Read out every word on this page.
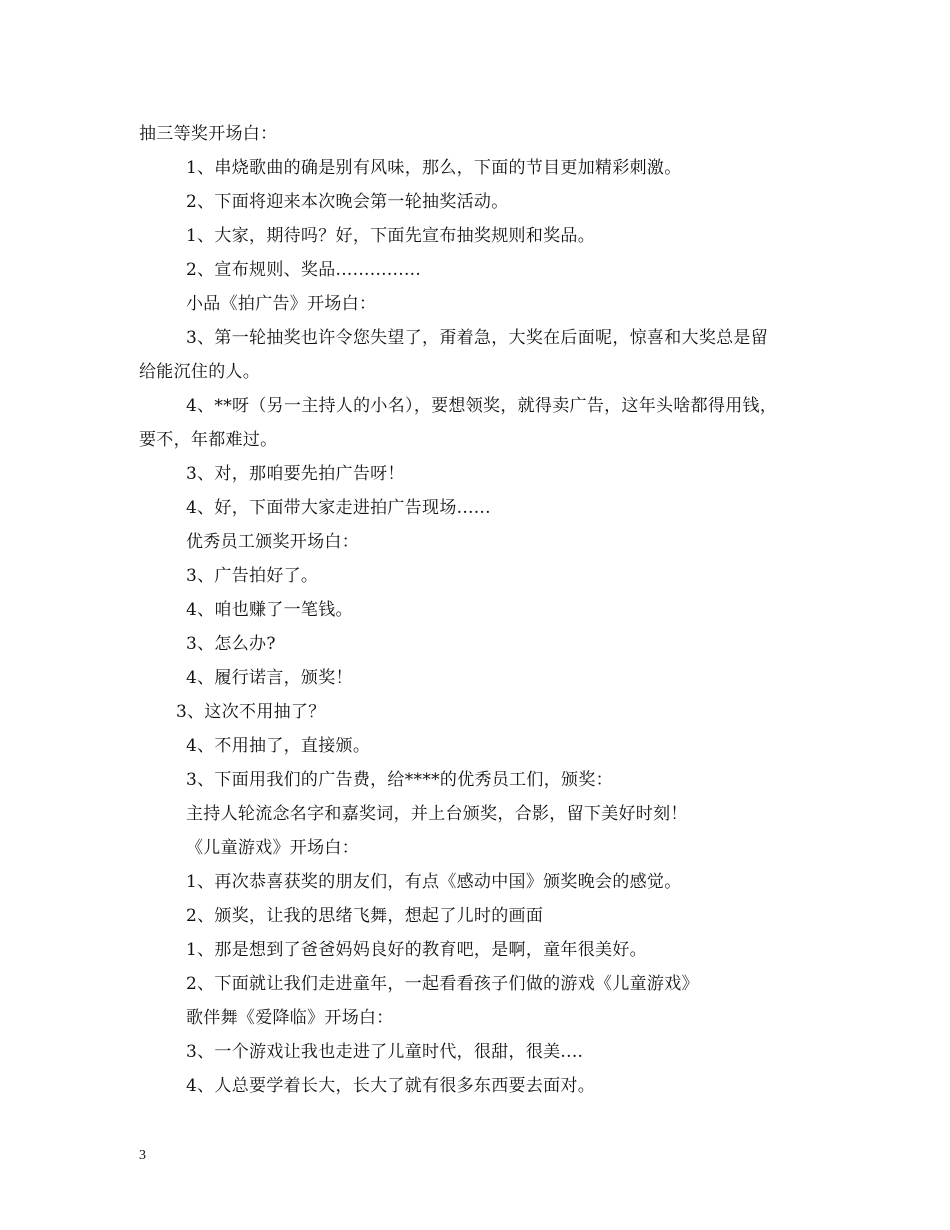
抽三等奖开场白：
1、串烧歌曲的确是别有风味，那么，下面的节目更加精彩刺激。
2、下面将迎来本次晚会第一轮抽奖活动。
1、大家，期待吗？好，下面先宣布抽奖规则和奖品。
2、宣布规则、奖品...............
小品《拍广告》开场白：
3、第一轮抽奖也许令您失望了，甭着急，大奖在后面呢，惊喜和大奖总是留
给能沉住的人。
4、**呀（另一主持人的小名），要想领奖，就得卖广告，这年头啥都得用钱，
要不，年都难过。
3、对，那咱要先拍广告呀！
4、好，下面带大家走进拍广告现场......
优秀员工颁奖开场白：
3、广告拍好了。
4、咱也赚了一笔钱。
3、怎么办?
4、履行诺言，颁奖！
3、这次不用抽了？
4、不用抽了，直接颁。
3、下面用我们的广告费，给****的优秀员工们，颁奖：
主持人轮流念名字和嘉奖词，并上台颁奖，合影，留下美好时刻！
《儿童游戏》开场白：
1、再次恭喜获奖的朋友们，有点《感动中国》颁奖晚会的感觉。
2、颁奖，让我的思绪飞舞，想起了儿时的画面
1、那是想到了爸爸妈妈良好的教育吧，是啊，童年很美好。
2、下面就让我们走进童年，一起看看孩子们做的游戏《儿童游戏》
歌伴舞《爱降临》开场白：
3、一个游戏让我也走进了儿童时代，很甜，很美....
4、人总要学着长大，长大了就有很多东西要去面对。
3
